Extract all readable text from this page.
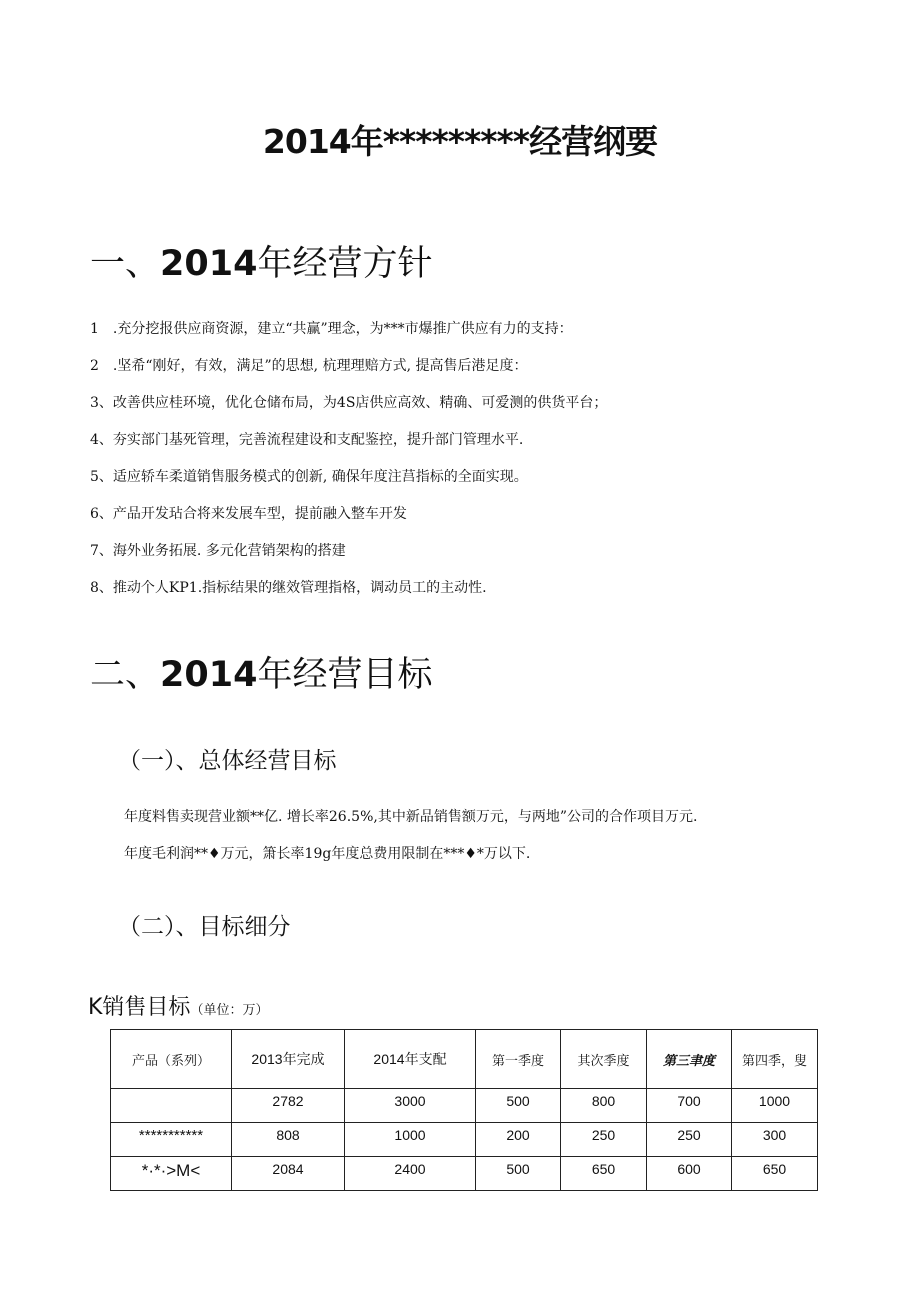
2014年*********经营纲要
一、2014年经营方针
1　.充分挖报供应商资源，建立“共赢”理念，为***市爆推广供应有力的支持：
2　.坚希“刚好，有效，满足”的思想, 杭理理赔方式, 提高售后港足度：
3、改善供应桂环境，优化仓储布局，为4S店供应高效、精确、可爱测的供货平台；
4、夯实部门基死管理，完善流程建设和支配鉴控，提升部门管理水平.
5、适应轿车柔道销售服务模式的创新, 确保年度注莒指标的全面实现。
6、产品开发玷合将来发展车型，提前融入整车开发
7、海外业务拓展. 多元化营销架构的搭建
8、推动个人KP1.指标结果的继效管理指格，调动员工的主动性.
二、2014年经营目标
（一）、总体经营目标

年度料售卖现营业额**亿. 增长率26.5%,其中新品销售额万元，与两地”公司的合作项目万元.

年度毛利润**♦万元，箫长率19g年度总费用限制在***♦*万以下.

（二）、目标细分
K销售目标（单位：万）
产品（系列）	2013年完成	2014年支配	第一季度	其次季度	第三聿度	第四季，叟
	2782	3000	500	800	700	1000
***********	808	1000	200	250	250	300
*·*·>M<	2084	2400	500	650	600	650
